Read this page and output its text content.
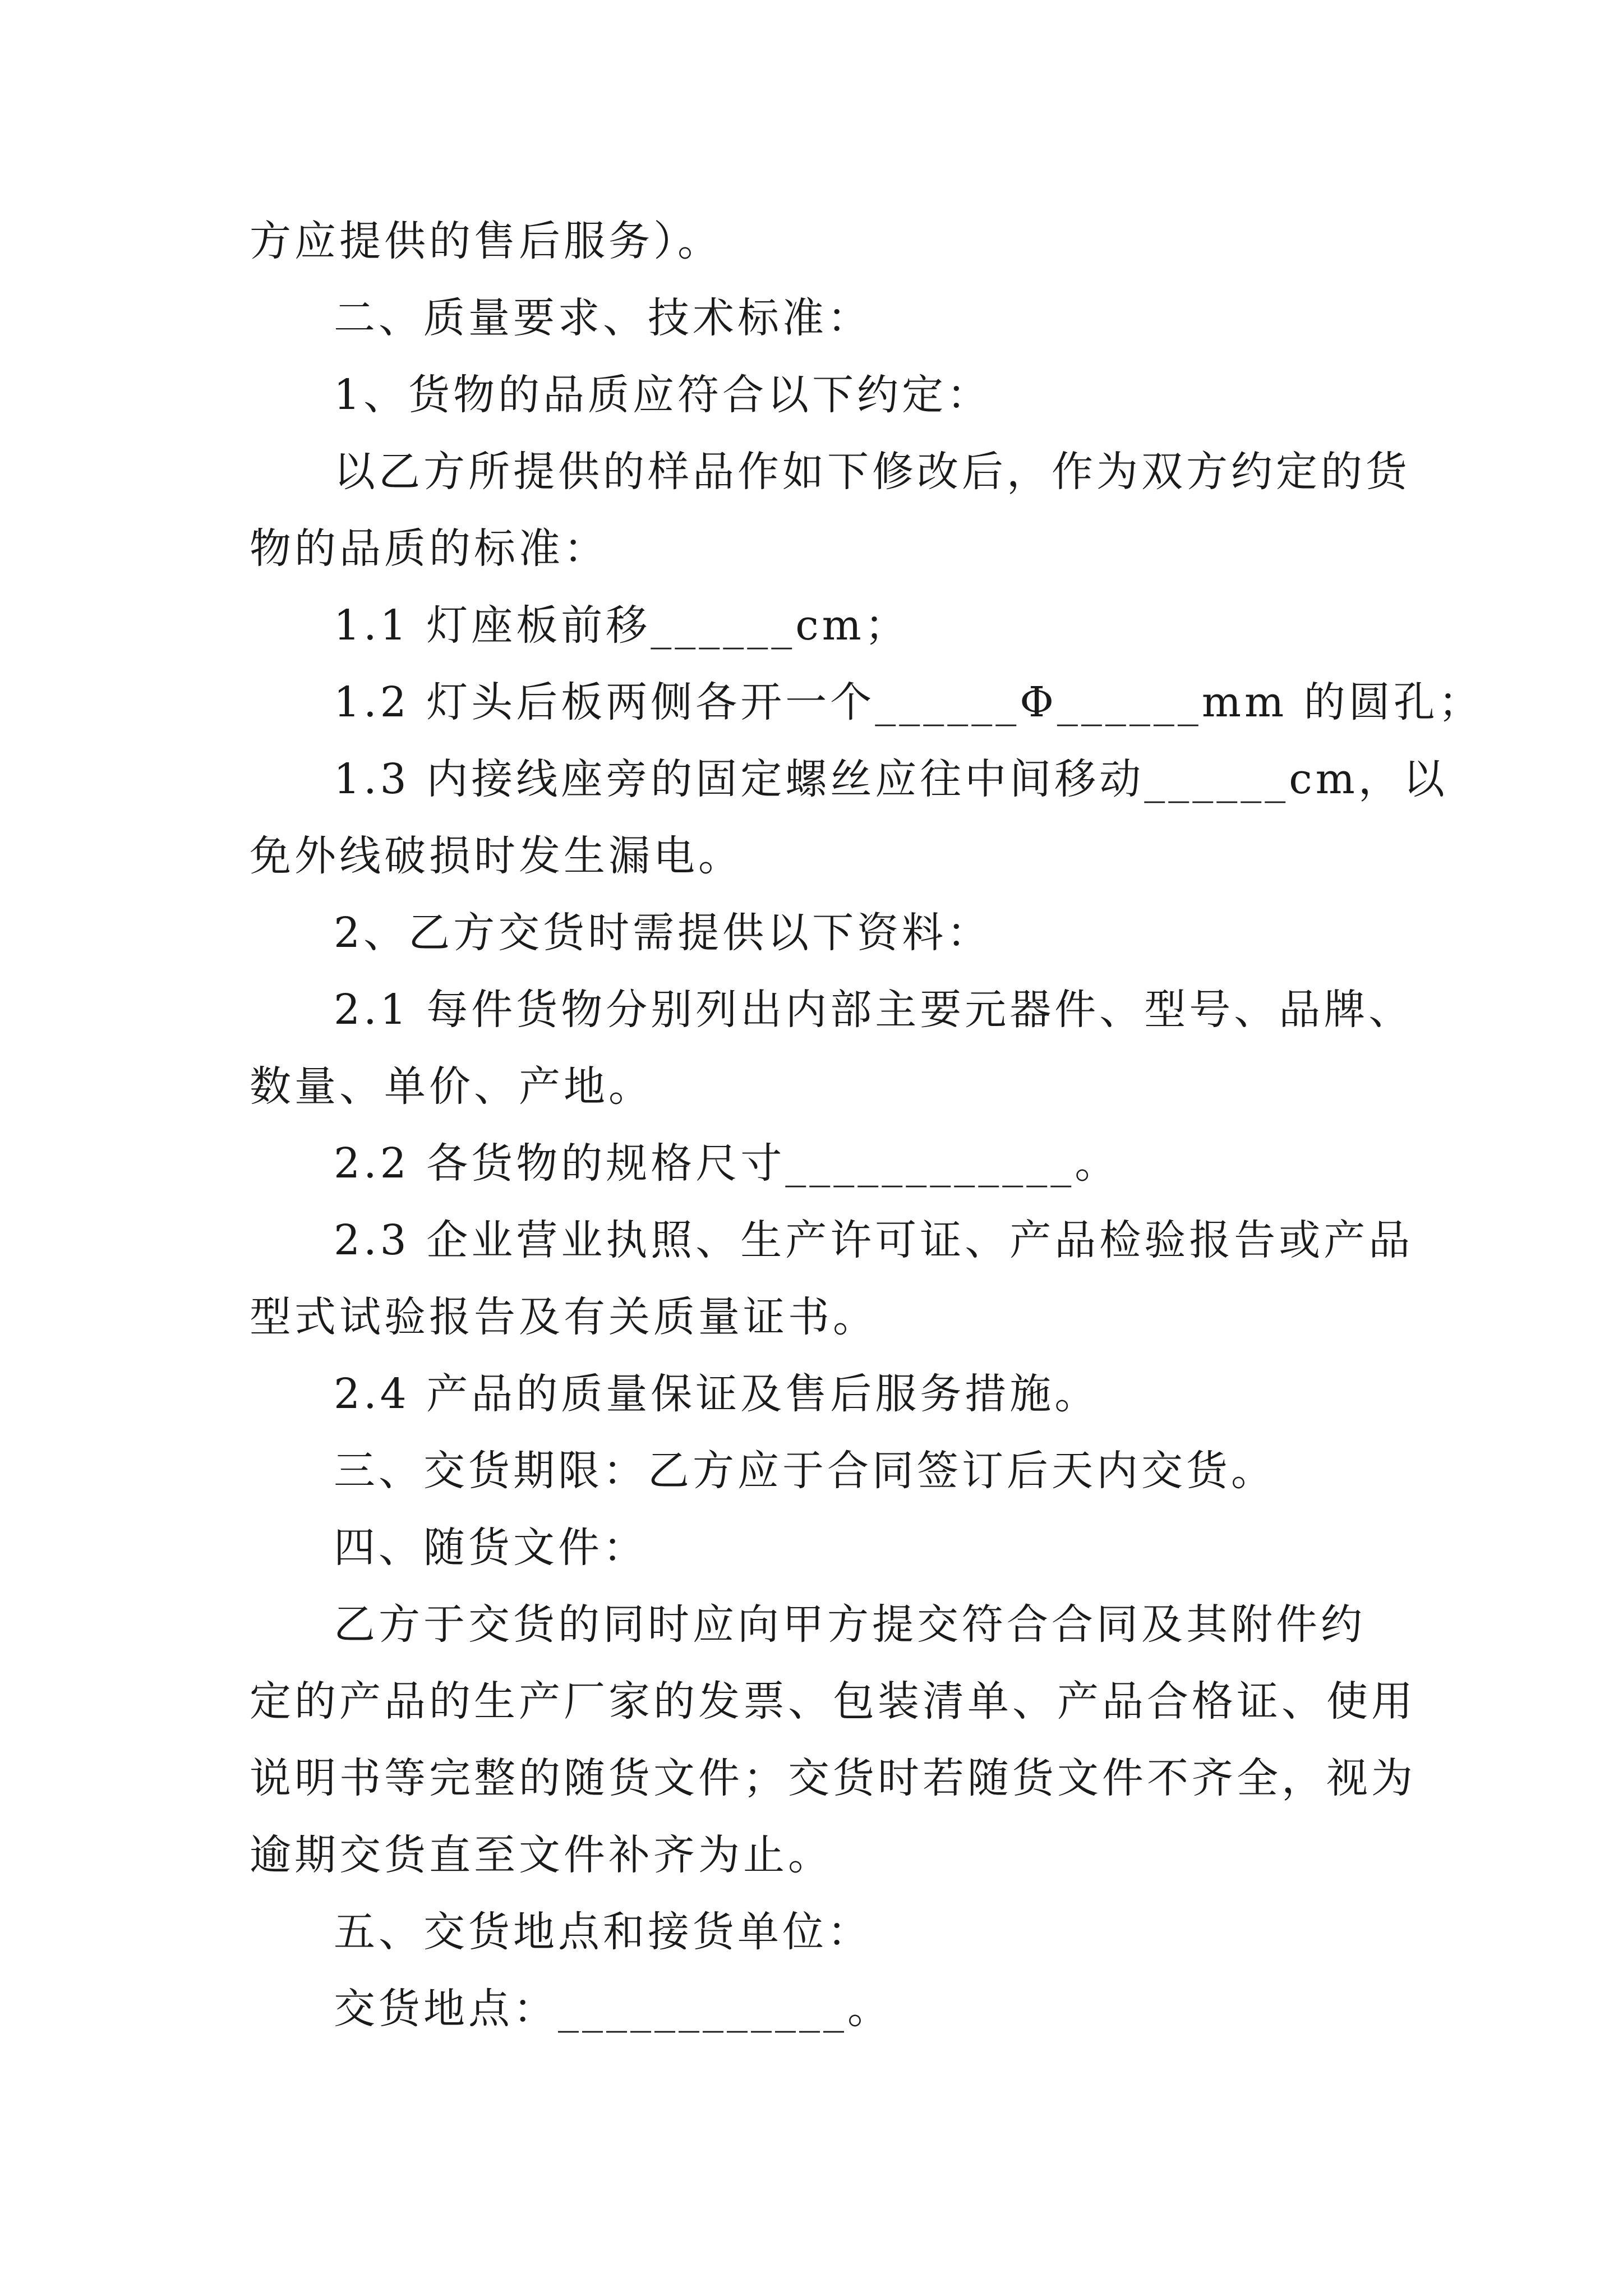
方应提供的售后服务）。
二、质量要求、技术标准：
1、货物的品质应符合以下约定：
以乙方所提供的样品作如下修改后，作为双方约定的货
物的品质的标准：
1.1 灯座板前移______cm；
1.2 灯头后板两侧各开一个______Φ______mm 的圆孔；
1.3 内接线座旁的固定螺丝应往中间移动______cm，以
免外线破损时发生漏电。
2、乙方交货时需提供以下资料：
2.1 每件货物分别列出内部主要元器件、型号、品牌、
数量、单价、产地。
2.2 各货物的规格尺寸____________。
2.3 企业营业执照、生产许可证、产品检验报告或产品
型式试验报告及有关质量证书。
2.4 产品的质量保证及售后服务措施。
三、交货期限：乙方应于合同签订后天内交货。
四、随货文件：
乙方于交货的同时应向甲方提交符合合同及其附件约
定的产品的生产厂家的发票、包装清单、产品合格证、使用
说明书等完整的随货文件；交货时若随货文件不齐全，视为
逾期交货直至文件补齐为止。
五、交货地点和接货单位：
交货地点：____________。
